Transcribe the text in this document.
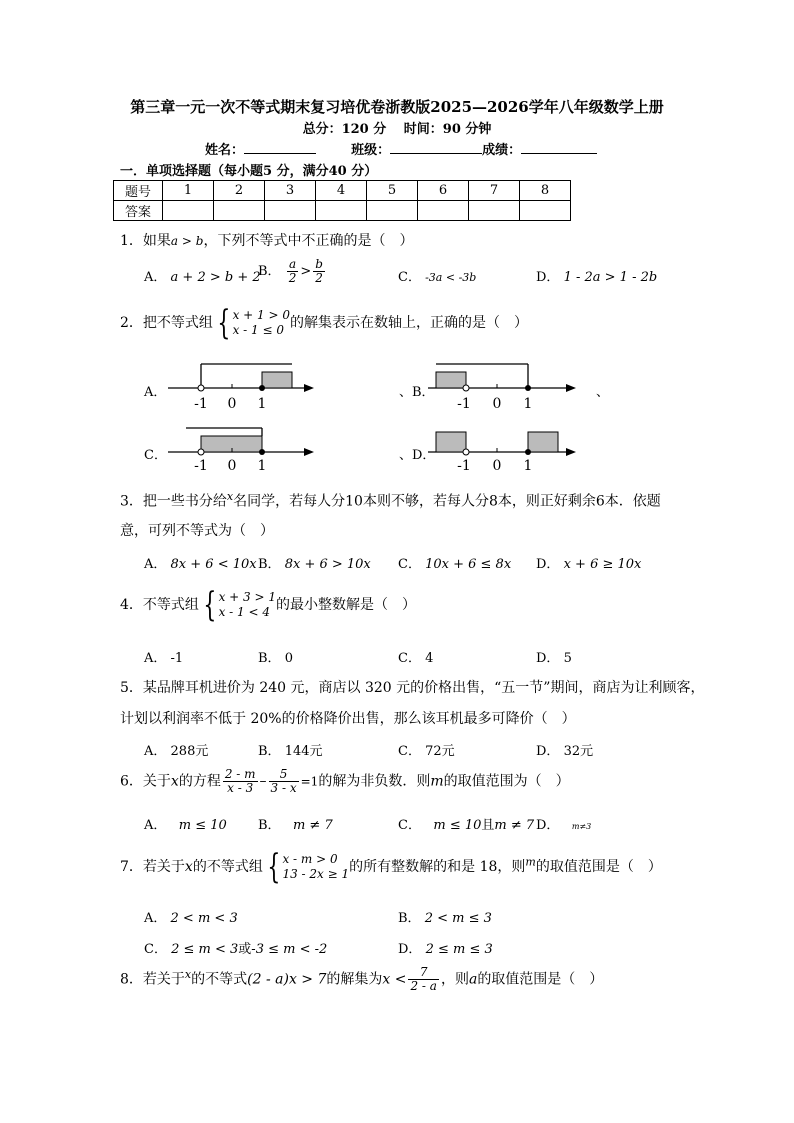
第三章一元一次不等式期末复习培优卷浙教版2025—2026学年八年级数学上册
总分：120 分　 时间：90 分钟
姓名：	班级：	成绩：
一．单项选择题（每小题5 分，满分40 分）
题号	1	2	3	4	5	6	7	8
答案								
1．如果a > b，下列不等式中不正确的是（　）
A． a + 2 > b + 2
B． $\frac{a}{2} > \frac{b}{2}$	C． -3a < -3b	D． 1 - 2a > 1 - 2b
2．把不等式组 { x + 1 > 0
x - 1 ≤ 0 的解集表示在数轴上，正确的是（　）
A．
-1 0 1
、B．
-1 0 1
、
C．
-1 0 1
、D．
-1 0 1
3．把一些书分给$^x$名同学，若每人分10本则不够，若每人分8本，则正好剩余6本．依题
意，可列不等式为（　）
A． 8x + 6 < 10x B． 8x + 6 > 10x C． 10x + 6 ≤ 8x D． x + 6 ≥ 10x
4．不等式组 { x + 3 > 1
x - 1 < 4 的最小整数解是（　）
A． -1	B． 0	C． 4	D． 5
5．某品牌耳机进价为 240 元，商店以 320 元的价格出售，“五一节”期间，商店为让利顾客，
计划以利润率不低于 20%的价格降价出售，那么该耳机最多可降价（　）
A． 288元	B． 144元	C． 72元	D． 32元
6．关于x的方程 $\frac{2 - m}{x - 3} - \frac{5}{3 - x} =1$的解为非负数．则m的取值范围为（　）
A． m ≤ 10 B． m ≠ 7	C． m ≤ 10且m ≠ 7 D． m≠3
7．若关于x的不等式组 { x - m > 0
13 - 2x ≥ 1 的所有整数解的和是 18，则$^m$的取值范围是（　）
A． 2 < m < 3	B． 2 < m ≤ 3
C． 2 ≤ m < 3或-3 ≤ m < -2	D． 2 ≤ m ≤ 3
8．若关于$^x$的不等式(2 - a)x > 7的解集为$x < \frac{7}{2 - a}$ ，则a的取值范围是（　）
